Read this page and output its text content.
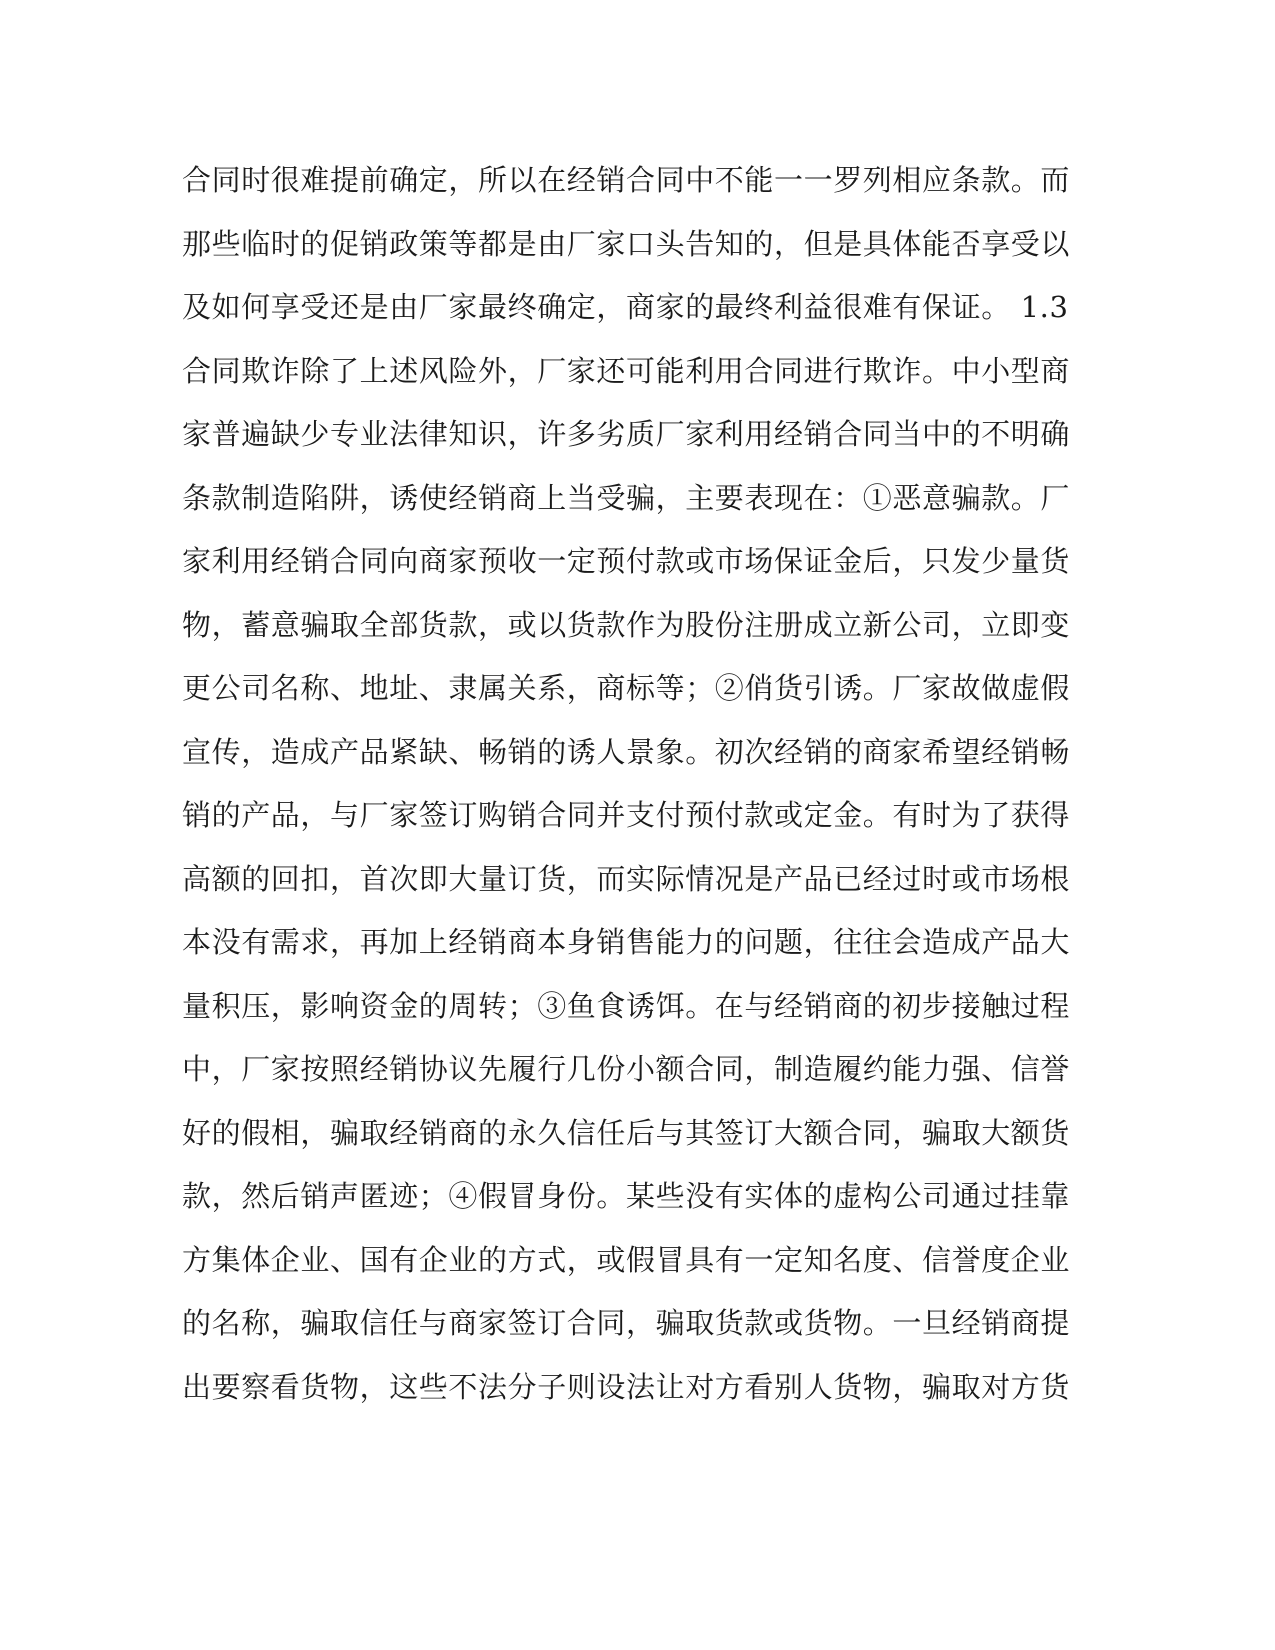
合同时很难提前确定，所以在经销合同中不能一一罗列相应条款。而
那些临时的促销政策等都是由厂家口头告知的，但是具体能否享受以
及如何享受还是由厂家最终确定，商家的最终利益很难有保证。 1.3
合同欺诈除了上述风险外，厂家还可能利用合同进行欺诈。中小型商
家普遍缺少专业法律知识，许多劣质厂家利用经销合同当中的不明确
条款制造陷阱，诱使经销商上当受骗，主要表现在：①恶意骗款。厂
家利用经销合同向商家预收一定预付款或市场保证金后，只发少量货
物，蓄意骗取全部货款，或以货款作为股份注册成立新公司，立即变
更公司名称、地址、隶属关系，商标等；②俏货引诱。厂家故做虚假
宣传，造成产品紧缺、畅销的诱人景象。初次经销的商家希望经销畅
销的产品，与厂家签订购销合同并支付预付款或定金。有时为了获得
高额的回扣，首次即大量订货，而实际情况是产品已经过时或市场根
本没有需求，再加上经销商本身销售能力的问题，往往会造成产品大
量积压，影响资金的周转；③鱼食诱饵。在与经销商的初步接触过程
中，厂家按照经销协议先履行几份小额合同，制造履约能力强、信誉
好的假相，骗取经销商的永久信任后与其签订大额合同，骗取大额货
款，然后销声匿迹；④假冒身份。某些没有实体的虚构公司通过挂靠
方集体企业、国有企业的方式，或假冒具有一定知名度、信誉度企业
的名称，骗取信任与商家签订合同，骗取货款或货物。一旦经销商提
出要察看货物，这些不法分子则设法让对方看别人货物，骗取对方货
